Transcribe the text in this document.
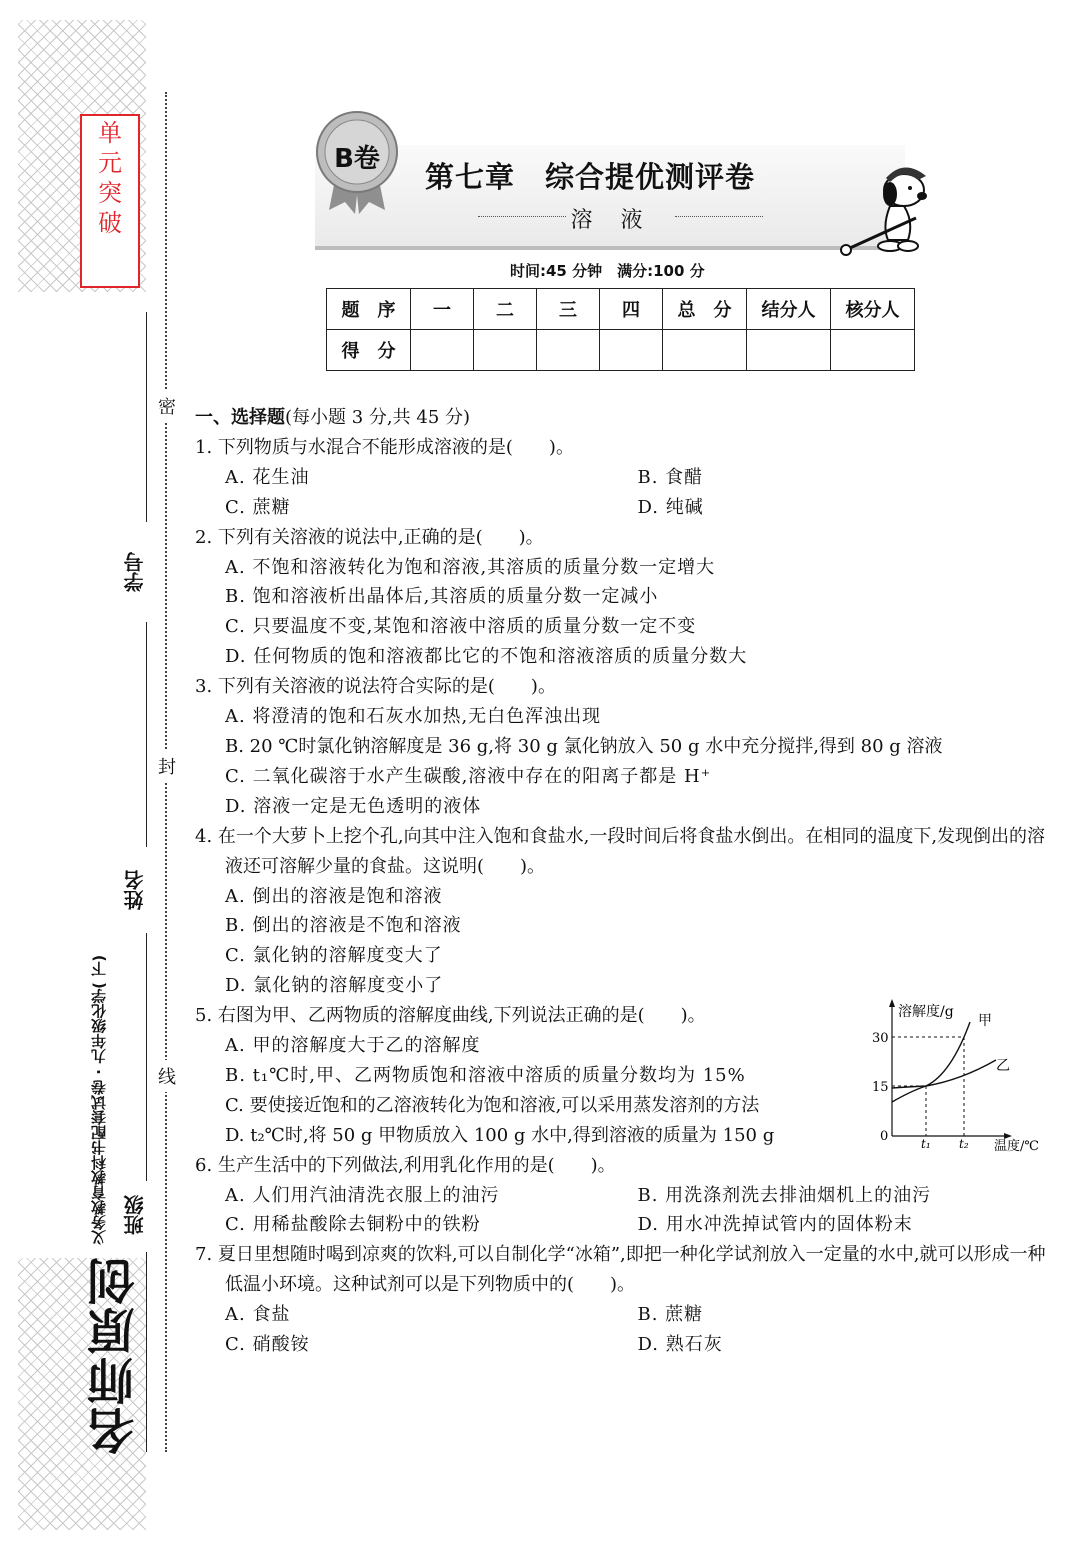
单
元
突
破
密
封
线
学号
姓名
班级
义务教育教科书配套试卷 · 九年级化学( 下)
名师原创
B卷
第七章　综合提优测评卷
溶液
时间:45 分钟　满分:100 分
题　序	一	二	三	四	总　分	结分人	核分人
得　分							
一、选择题(每小题 3 分,共 45 分)
1. 下列物质与水混合不能形成溶液的是(　　)。
A. 花生油	B. 食醋
C. 蔗糖	D. 纯碱
2. 下列有关溶液的说法中,正确的是(　　)。
A. 不饱和溶液转化为饱和溶液,其溶质的质量分数一定增大
B. 饱和溶液析出晶体后,其溶质的质量分数一定减小
C. 只要温度不变,某饱和溶液中溶质的质量分数一定不变
D. 任何物质的饱和溶液都比它的不饱和溶液溶质的质量分数大
3. 下列有关溶液的说法符合实际的是(　　)。
A. 将澄清的饱和石灰水加热,无白色浑浊出现
B. 20 ℃时氯化钠溶解度是 36 g,将 30 g 氯化钠放入 50 g 水中充分搅拌,得到 80 g 溶液
C. 二氧化碳溶于水产生碳酸,溶液中存在的阳离子都是 H⁺
D. 溶液一定是无色透明的液体
4. 在一个大萝卜上挖个孔,向其中注入饱和食盐水,一段时间后将食盐水倒出。在相同的温度下,发现倒出的溶液还可溶解少量的食盐。这说明(　　)。
A. 倒出的溶液是饱和溶液
B. 倒出的溶液是不饱和溶液
C. 氯化钠的溶解度变大了
D. 氯化钠的溶解度变小了
5. 右图为甲、乙两物质的溶解度曲线,下列说法正确的是(　　)。
A. 甲的溶解度大于乙的溶解度
B. t₁℃时,甲、乙两物质饱和溶液中溶质的质量分数均为 15%
C. 要使接近饱和的乙溶液转化为饱和溶液,可以采用蒸发溶剂的方法
D. t₂℃时,将 50 g 甲物质放入 100 g 水中,得到溶液的质量为 150 g
6. 生产生活中的下列做法,利用乳化作用的是(　　)。
A. 人们用汽油清洗衣服上的油污	B. 用洗涤剂洗去排油烟机上的油污
C. 用稀盐酸除去铜粉中的铁粉	D. 用水冲洗掉试管内的固体粉末
7. 夏日里想随时喝到凉爽的饮料,可以自制化学“冰箱”,即把一种化学试剂放入一定量的水中,就可以形成一种低温小环境。这种试剂可以是下列物质中的(　　)。
A. 食盐	B. 蔗糖
C. 硝酸铵	D. 熟石灰
溶解度/g
甲
乙
30
15
0	t₁ t₂ 温度/℃
